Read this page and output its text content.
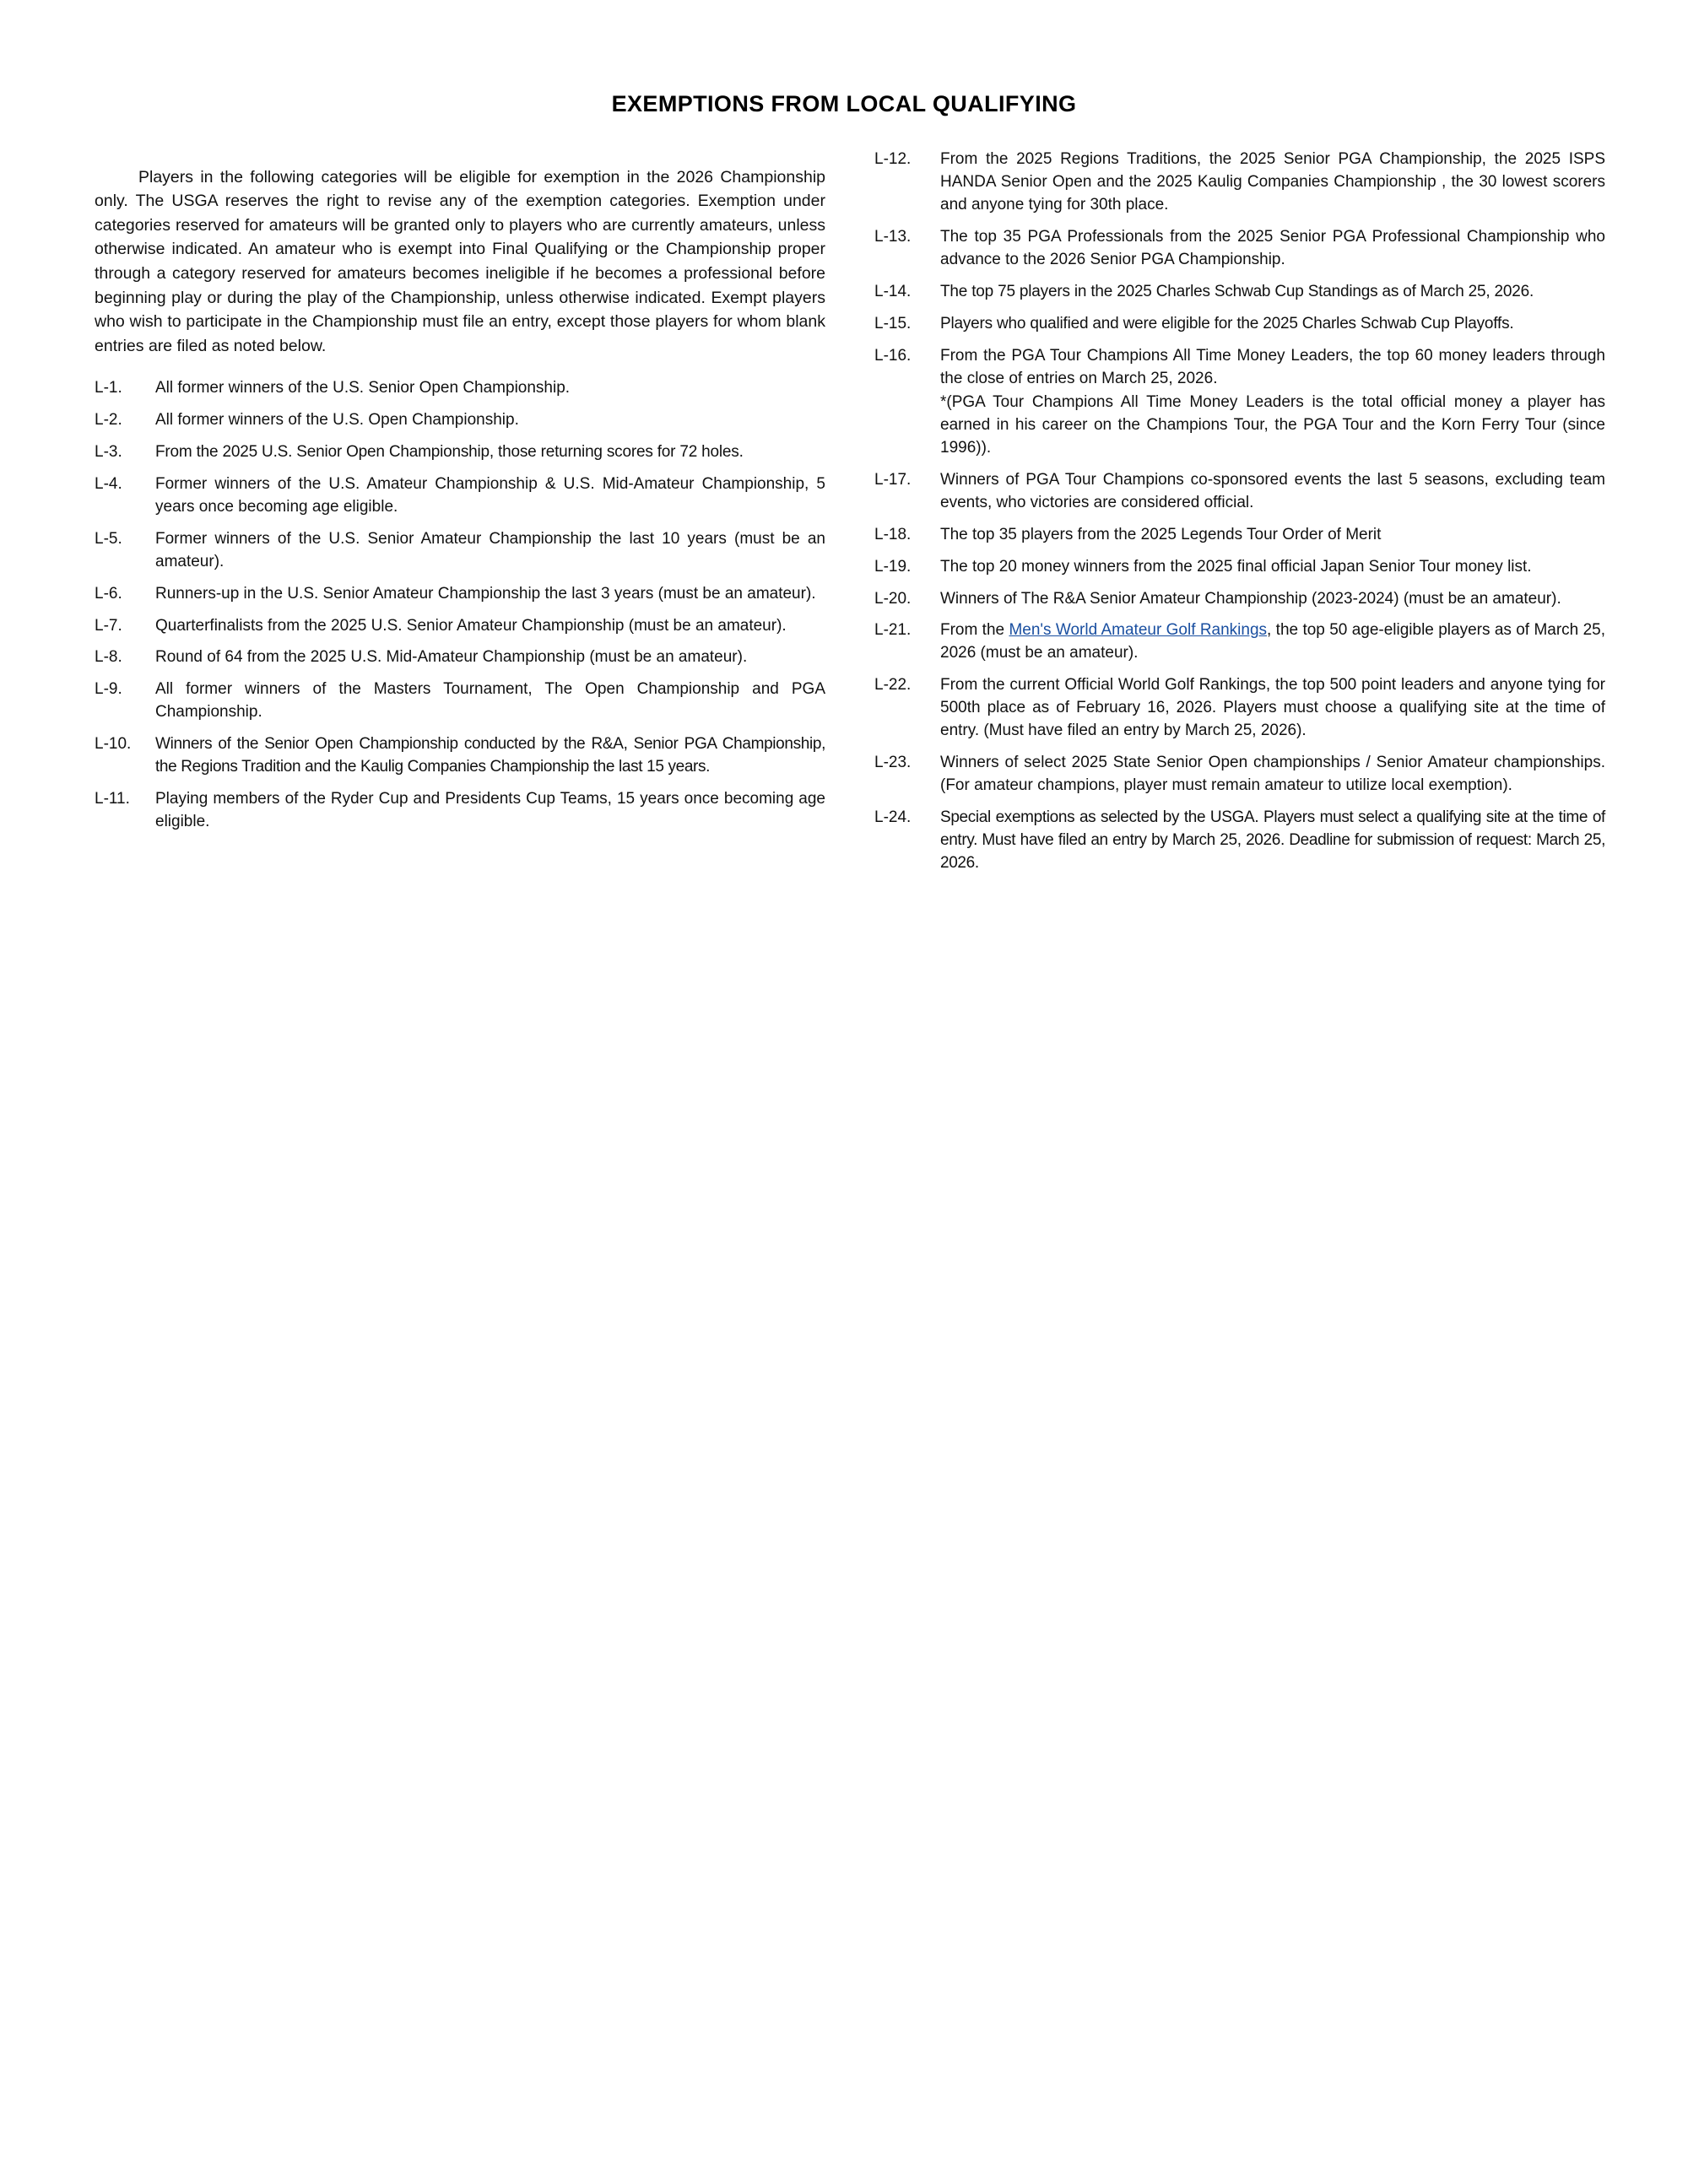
EXEMPTIONS FROM LOCAL QUALIFYING

Players in the following categories will be eligible for exemption in the 2026 Championship only. The USGA reserves the right to revise any of the exemption categories. Exemption under categories reserved for amateurs will be granted only to players who are currently amateurs, unless otherwise indicated. An amateur who is exempt into Final Qualifying or the Championship proper through a category reserved for amateurs becomes ineligible if he becomes a professional before beginning play or during the play of the Championship, unless otherwise indicated. Exempt players who wish to participate in the Championship must file an entry, except those players for whom blank entries are filed as noted below.

L-1.	All former winners of the U.S. Senior Open Championship.
L-2.	All former winners of the U.S. Open Championship.
L-3.	From the 2025 U.S. Senior Open Championship, those returning scores for 72 holes.
L-4.	Former winners of the U.S. Amateur Championship & U.S. Mid-Amateur Championship, 5 years once becoming age eligible.
L-5.	Former winners of the U.S. Senior Amateur Championship the last 10 years (must be an amateur).
L-6.	Runners-up in the U.S. Senior Amateur Championship the last 3 years (must be an amateur).
L-7.	Quarterfinalists from the 2025 U.S. Senior Amateur Championship (must be an amateur).
L-8.	Round of 64 from the 2025 U.S. Mid-Amateur Championship (must be an amateur).
L-9.	All former winners of the Masters Tournament, The Open Championship and PGA Championship.
L-10.	Winners of the Senior Open Championship conducted by the R&A, Senior PGA Championship, the Regions Tradition and the Kaulig Companies Championship the last 15 years.
L-11.	Playing members of the Ryder Cup and Presidents Cup Teams, 15 years once becoming age eligible.
L-12.	From the 2025 Regions Traditions, the 2025 Senior PGA Championship, the 2025 ISPS HANDA Senior Open and the 2025 Kaulig Companies Championship , the 30 lowest scorers and anyone tying for 30th place.
L-13.	The top 35 PGA Professionals from the 2025 Senior PGA Professional Championship who advance to the 2026 Senior PGA Championship.
L-14.	The top 75 players in the 2025 Charles Schwab Cup Standings as of March 25, 2026.
L-15.	Players who qualified and were eligible for the 2025 Charles Schwab Cup Playoffs.
L-16.	From the PGA Tour Champions All Time Money Leaders, the top 60 money leaders through the close of entries on March 25, 2026.
*(PGA Tour Champions All Time Money Leaders is the total official money a player has earned in his career on the Champions Tour, the PGA Tour and the Korn Ferry Tour (since 1996)).
L-17.	Winners of PGA Tour Champions co-sponsored events the last 5 seasons, excluding team events, who victories are considered official.
L-18.	The top 35 players from the 2025 Legends Tour Order of Merit
L-19.	The top 20 money winners from the 2025 final official Japan Senior Tour money list.
L-20.	Winners of The R&A Senior Amateur Championship (2023-2024) (must be an amateur).
L-21.	From the Men's World Amateur Golf Rankings, the top 50 age-eligible players as of March 25, 2026 (must be an amateur).
L-22.	From the current Official World Golf Rankings, the top 500 point leaders and anyone tying for 500th place as of February 16, 2026. Players must choose a qualifying site at the time of entry. (Must have filed an entry by March 25, 2026).
L-23.	Winners of select 2025 State Senior Open championships / Senior Amateur championships. (For amateur champions, player must remain amateur to utilize local exemption).
L-24.	Special exemptions as selected by the USGA. Players must select a qualifying site at the time of entry. Must have filed an entry by March 25, 2026. Deadline for submission of request: March 25, 2026.
